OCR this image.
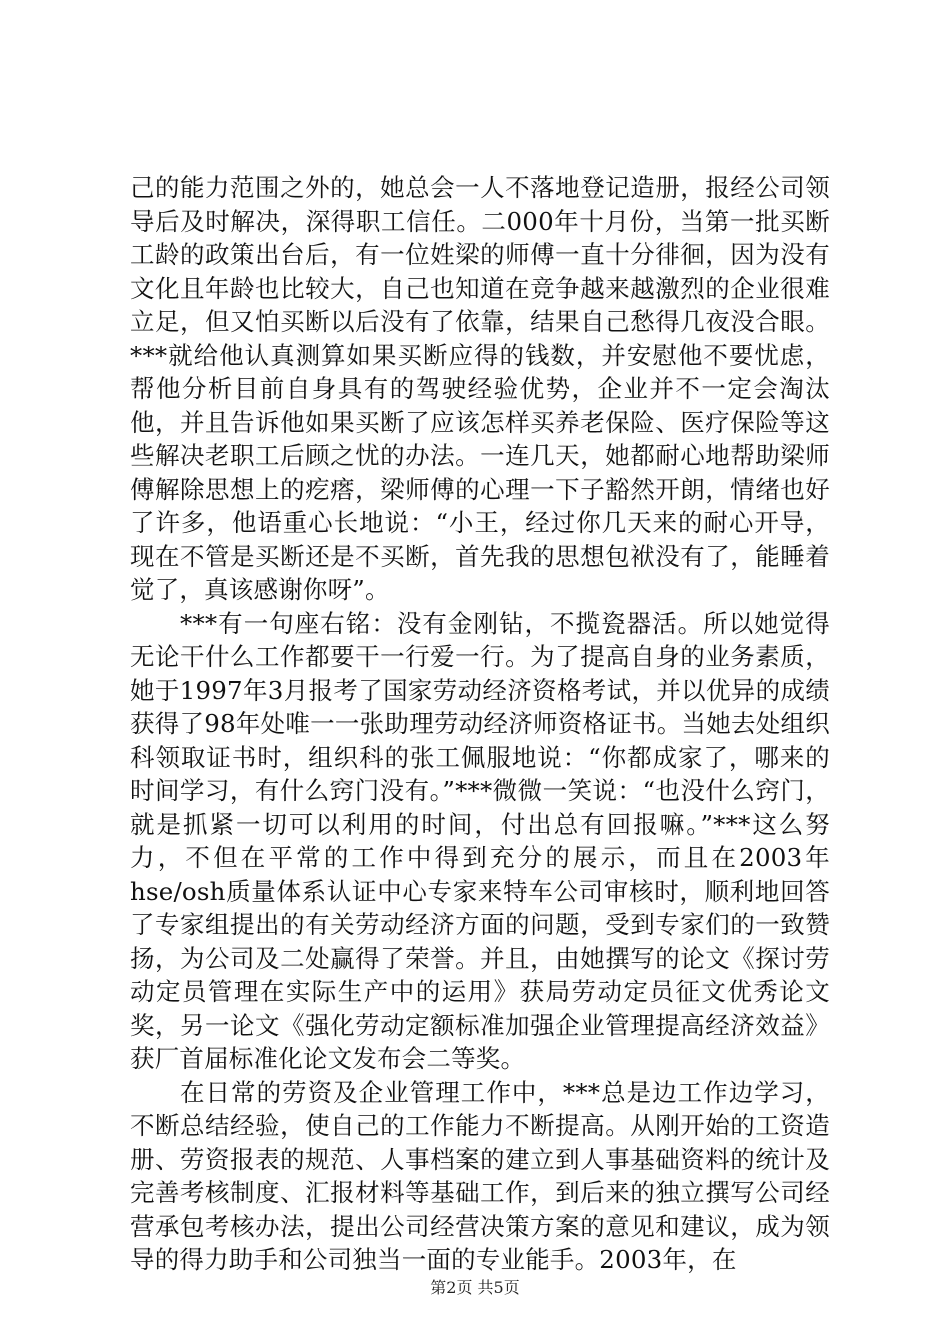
己的能力范围之外的，她总会一人不落地登记造册，报经公司领导后及时解决，深得职工信任。二000年十月份，当第一批买断工龄的政策出台后，有一位姓梁的师傅一直十分徘徊，因为没有文化且年龄也比较大，自己也知道在竞争越来越激烈的企业很难立足，但又怕买断以后没有了依靠，结果自己愁得几夜没合眼。***就给他认真测算如果买断应得的钱数，并安慰他不要忧虑，帮他分析目前自身具有的驾驶经验优势，企业并不一定会淘汰他，并且告诉他如果买断了应该怎样买养老保险、医疗保险等这些解决老职工后顾之忧的办法。一连几天，她都耐心地帮助梁师傅解除思想上的疙瘩，梁师傅的心理一下子豁然开朗，情绪也好了许多，他语重心长地说：“小王，经过你几天来的耐心开导，现在不管是买断还是不买断，首先我的思想包袱没有了，能睡着觉了，真该感谢你呀”。

***有一句座右铭：没有金刚钻，不揽瓷器活。所以她觉得无论干什么工作都要干一行爱一行。为了提高自身的业务素质，她于1997年3月报考了国家劳动经济资格考试，并以优异的成绩获得了98年处唯一一张助理劳动经济师资格证书。当她去处组织科领取证书时，组织科的张工佩服地说：“你都成家了，哪来的时间学习，有什么窍门没有。”***微微一笑说：“也没什么窍门，就是抓紧一切可以利用的时间，付出总有回报嘛。”***这么努力，不但在平常的工作中得到充分的展示，而且在2003年hse/osh质量体系认证中心专家来特车公司审核时，顺利地回答了专家组提出的有关劳动经济方面的问题，受到专家们的一致赞扬，为公司及二处赢得了荣誉。并且，由她撰写的论文《探讨劳动定员管理在实际生产中的运用》获局劳动定员征文优秀论文奖，另一论文《强化劳动定额标准加强企业管理提高经济效益》获厂首届标准化论文发布会二等奖。

在日常的劳资及企业管理工作中，***总是边工作边学习，不断总结经验，使自己的工作能力不断提高。从刚开始的工资造册、劳资报表的规范、人事档案的建立到人事基础资料的统计及完善考核制度、汇报材料等基础工作，到后来的独立撰写公司经营承包考核办法，提出公司经营决策方案的意见和建议，成为领导的得力助手和公司独当一面的专业能手。2003年，在

第2页 共5页
